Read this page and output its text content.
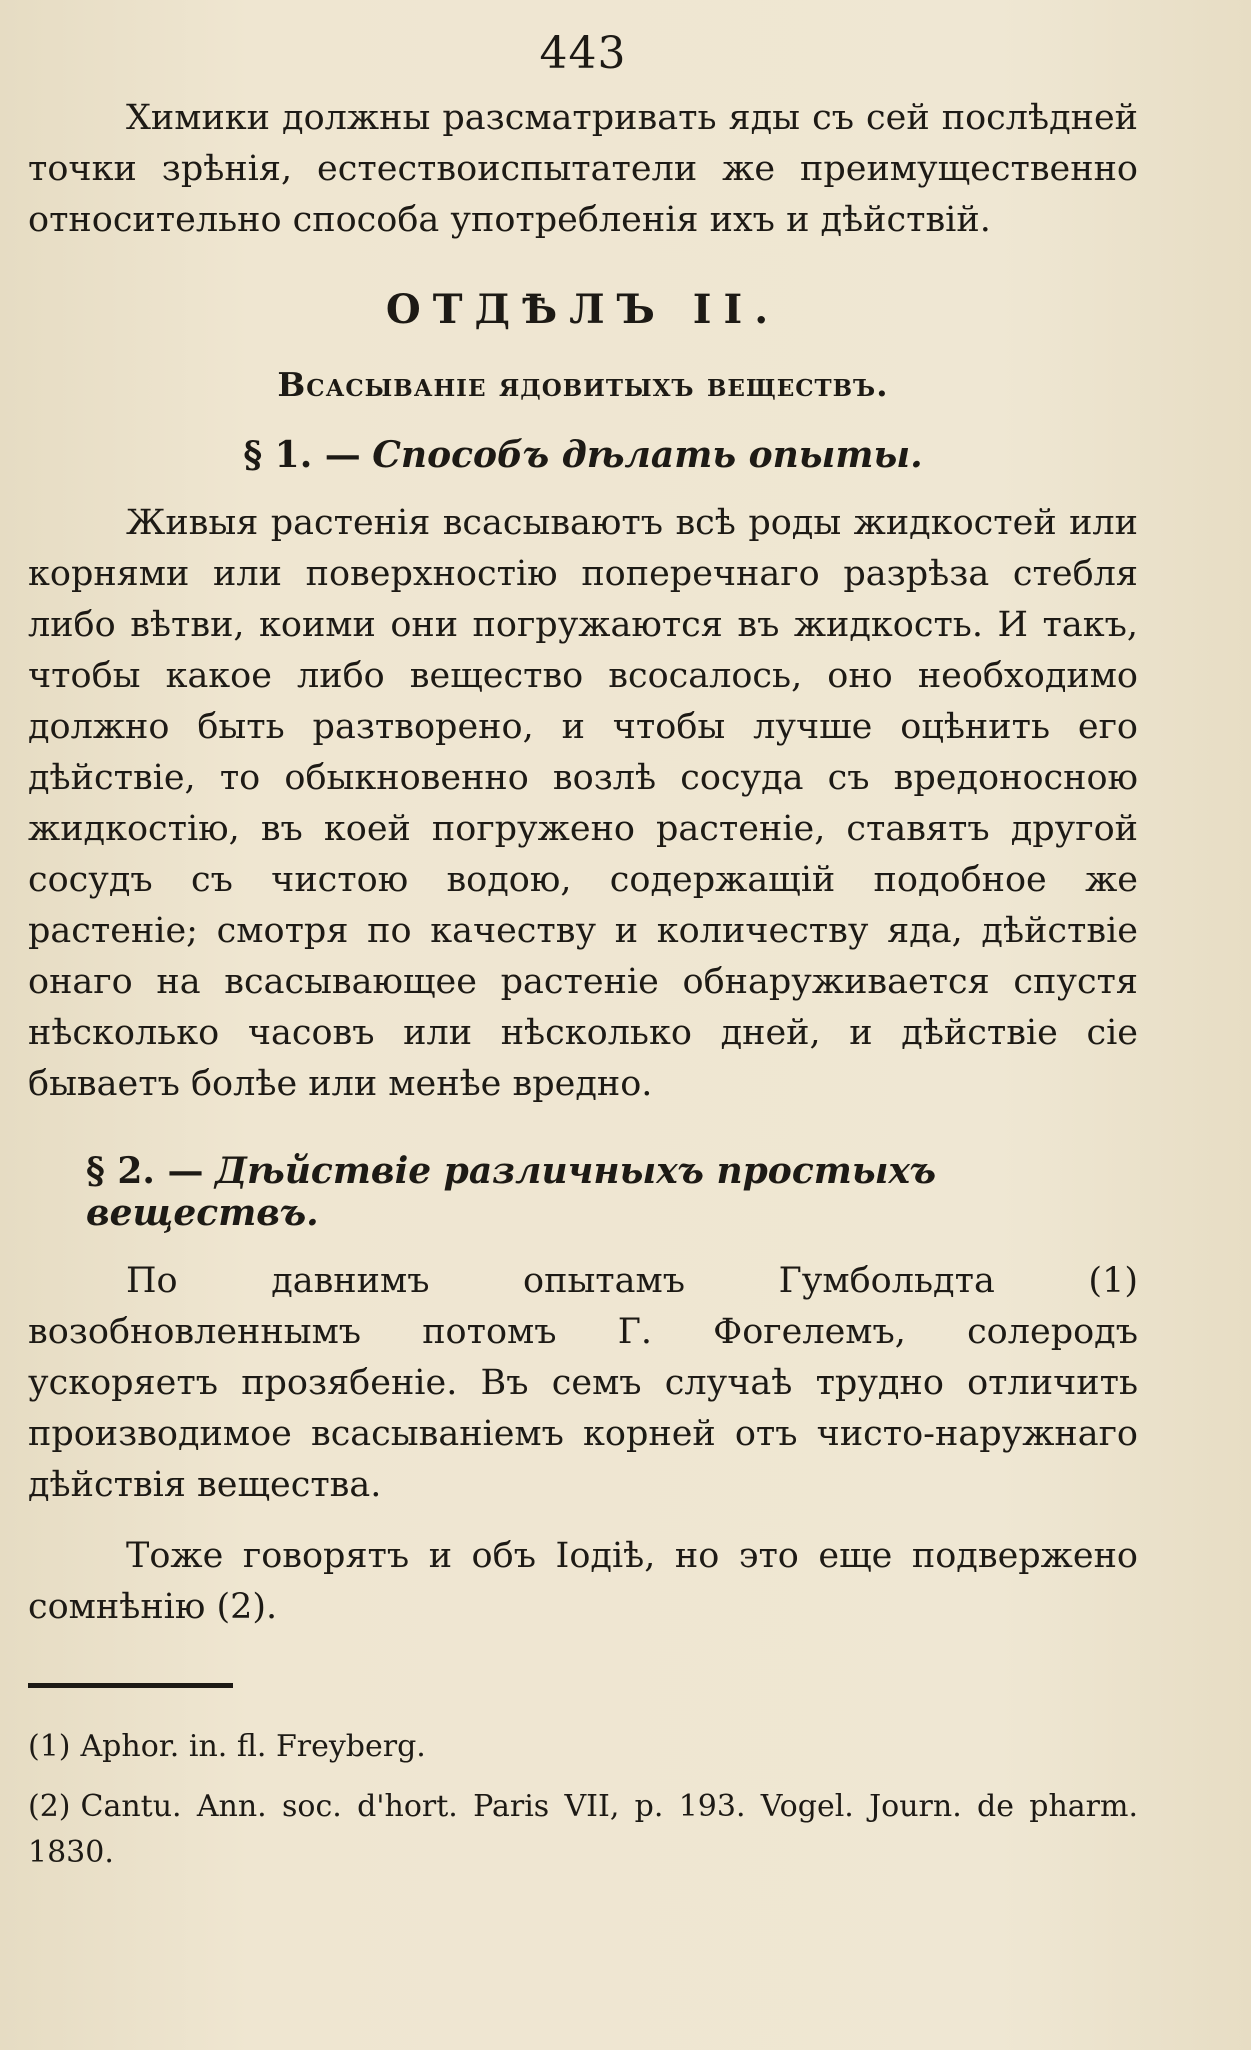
443

Химики должны разсматривать яды съ сей послѣдней точки зрѣнія, естествоиспытатели же преимущественно относительно способа употребленія ихъ и дѣйствій.

ОТДѢЛЪ II.
Всасываніе ядовитыхъ веществъ.
§ 1. — Способъ дѣлать опыты.

Живыя растенія всасываютъ всѣ роды жидкостей или корнями или поверхностію поперечнаго разрѣза стебля либо вѣтви, коими они погружаются въ жидкость. И такъ, чтобы какое либо вещество всосалось, оно необходимо должно быть разтворено, и чтобы лучше оцѣнить его дѣйствіе, то обыкновенно возлѣ сосуда съ вредоносною жидкостію, въ коей погружено растеніе, ставятъ другой сосудъ съ чистою водою, содержащій подобное же растеніе; смотря по качеству и количеству яда, дѣйствіе онаго на всасывающее растеніе обнаруживается спустя нѣсколько часовъ или нѣсколько дней, и дѣйствіе сіе бываетъ болѣе или менѣе вредно.

§ 2. — Дѣйствіе различныхъ простыхъ веществъ.

По давнимъ опытамъ Гумбольдта (1) возобновленнымъ потомъ Г. Фогелемъ, солеродъ ускоряетъ прозябеніе. Въ семъ случаѣ трудно отличить производимое всасываніемъ корней отъ чисто-наружнаго дѣйствія вещества.

Тоже говорятъ и объ Іодіѣ, но это еще подвержено сомнѣнію (2).

(1) Aphor. in. fl. Freyberg.

(2) Cantu. Ann. soc. d'hort. Paris VII, p. 193. Vogel. Journ. de pharm. 1830.
